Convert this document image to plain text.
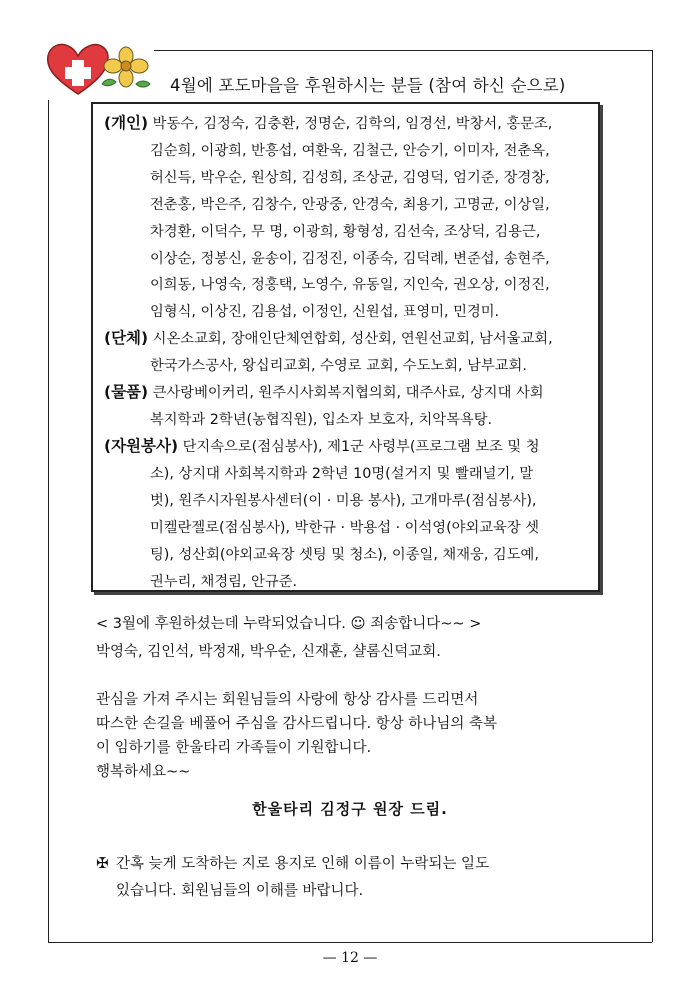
4월에 포도마을을 후원하시는 분들 (참여 하신 순으로)
(개인) 박동수, 김정숙, 김충환, 정명순, 김학의, 임경선, 박창서, 홍문조,
김순희, 이광희, 반흥섭, 여환욱, 김철근, 안승기, 이미자, 전춘옥,
허신득, 박우순, 원상희, 김성희, 조상균, 김영덕, 엄기준, 장경창,
전춘홍, 박은주, 김창수, 안광중, 안경숙, 최용기, 고명균, 이상일,
차경환, 이덕수, 무 명, 이광희, 황형성, 김선숙, 조상덕, 김용근,
이상순, 정봉신, 윤송이, 김정진, 이종숙, 김덕례, 변준섭, 송현주,
이희동, 나영숙, 정홍택, 노영수, 유동일, 지인숙, 권오상, 이정진,
임형식, 이상진, 김용섭, 이정인, 신원섭, 표영미, 민경미.
(단체) 시온소교회, 장애인단체연합회, 성산회, 연원선교회, 남서울교회,
한국가스공사, 왕십리교회, 수영로 교회, 수도노회, 남부교회.
(물품) 큰사랑베이커리, 원주시사회복지협의회, 대주사료, 상지대 사회
복지학과 2학년(농협직원), 입소자 보호자, 치악목욕탕.
(자원봉사) 단지속으로(점심봉사), 제1군 사령부(프로그램 보조 및 청
소), 상지대 사회복지학과 2학년 10명(설거지 및 빨래널기, 말
벗), 원주시자원봉사센터(이 · 미용 봉사), 고개마루(점심봉사),
미켈란젤로(점심봉사), 박한규 · 박용섭 · 이석영(야외교육장 셋
팅), 성산회(야외교육장 셋팅 및 청소), 이종일, 채재웅, 김도예,
권누리, 채경림, 안규준.
< 3월에 후원하셨는데 누락되었습니다. ☺ 죄송합니다~~ >
박영숙, 김인석, 박정재, 박우순, 신재훈, 샬롬신덕교회.
관심을 가져 주시는 회원님들의 사랑에 항상 감사를 드리면서
따스한 손길을 베풀어 주심을 감사드립니다. 항상 하나님의 축복
이 임하기를 한울타리 가족들이 기원합니다.
행복하세요~~
한울타리 김정구 원장 드림.
✠ 간혹 늦게 도착하는 지로 용지로 인해 이름이 누락되는 일도
있습니다. 회원님들의 이해를 바랍니다.
— 12 —
